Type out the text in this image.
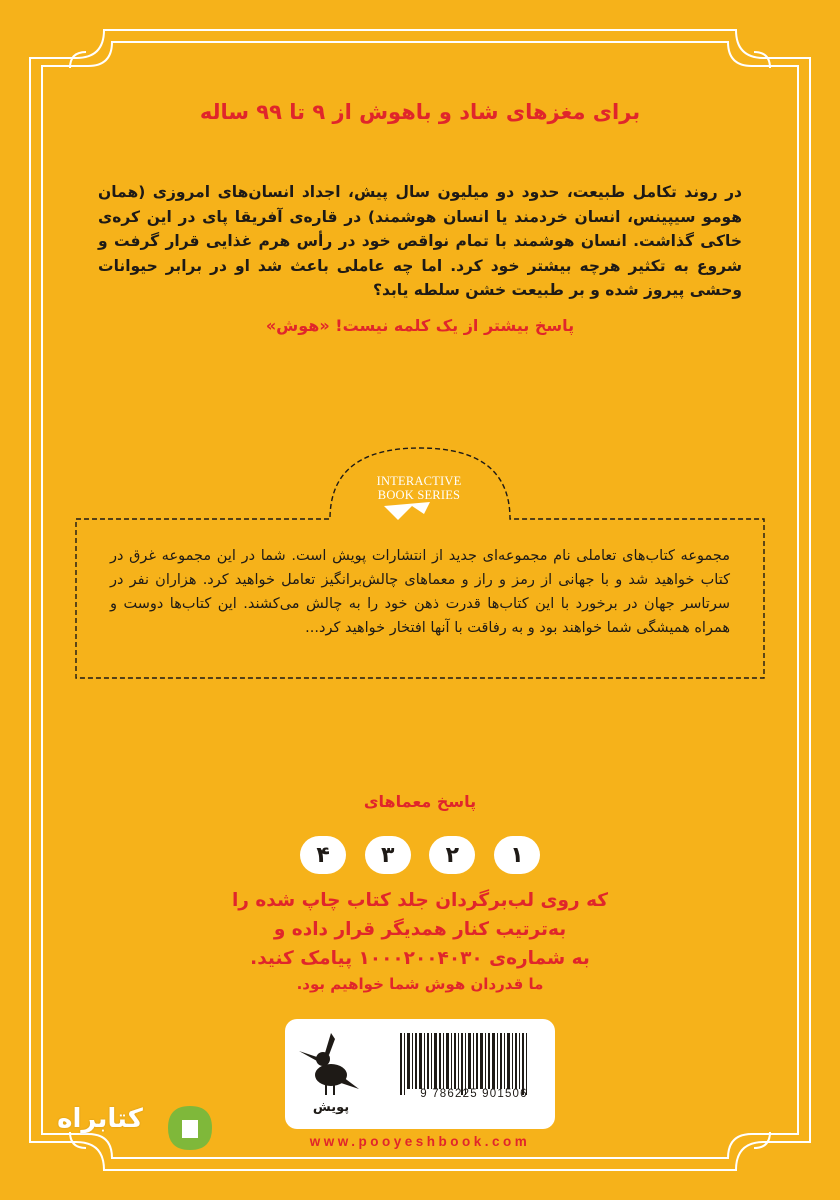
برای مغزهای شاد و باهوش از ۹ تا ۹۹ ساله
در روند تکامل طبیعت، حدود دو میلیون سال پیش، اجداد انسان‌های امروزی (همان هومو سیپینس، انسان خردمند یا انسان هوشمند) در قاره‌ی آفریقا پای در این کره‌ی خاکی گذاشت. انسان هوشمند با تمام نواقص خود در رأس هرم غذایی قرار گرفت و شروع به تکثیر هرچه بیشتر خود کرد. اما چه عاملی باعث شد او در برابر حیوانات وحشی پیروز شده و بر طبیعت خشن سلطه یابد؟
پاسخ بیشتر از یک کلمه نیست! «هوش»
INTERACTIVE
BOOK SERIES
مجموعه کتاب‌های تعاملی نام مجموعه‌ای جدید از انتشارات پویش است. شما در این مجموعه غرق در کتاب خواهید شد و با جهانی از رمز و راز و معماهای چالش‌برانگیز تعامل خواهید کرد. هزاران نفر در سرتاسر جهان در برخورد با این کتاب‌ها قدرت ذهن خود را به چالش می‌کشند. این کتاب‌ها دوست و همراه همیشگی شما خواهند بود و به رفاقت با آنها افتخار خواهید کرد...
پاسخ معماهای
۱
۲
۳
۴
که روی لب‌برگردان جلد کتاب چاپ شده را
به‌ترتیب کنار همدیگر قرار داده و
به شماره‌ی ۱۰۰۰۲۰۰۴۰۳۰ پیامک کنید.
ما قدردان هوش شما خواهیم بود.
پویش
9 786225 901506
www.pooyeshbook.com
کتابراه
